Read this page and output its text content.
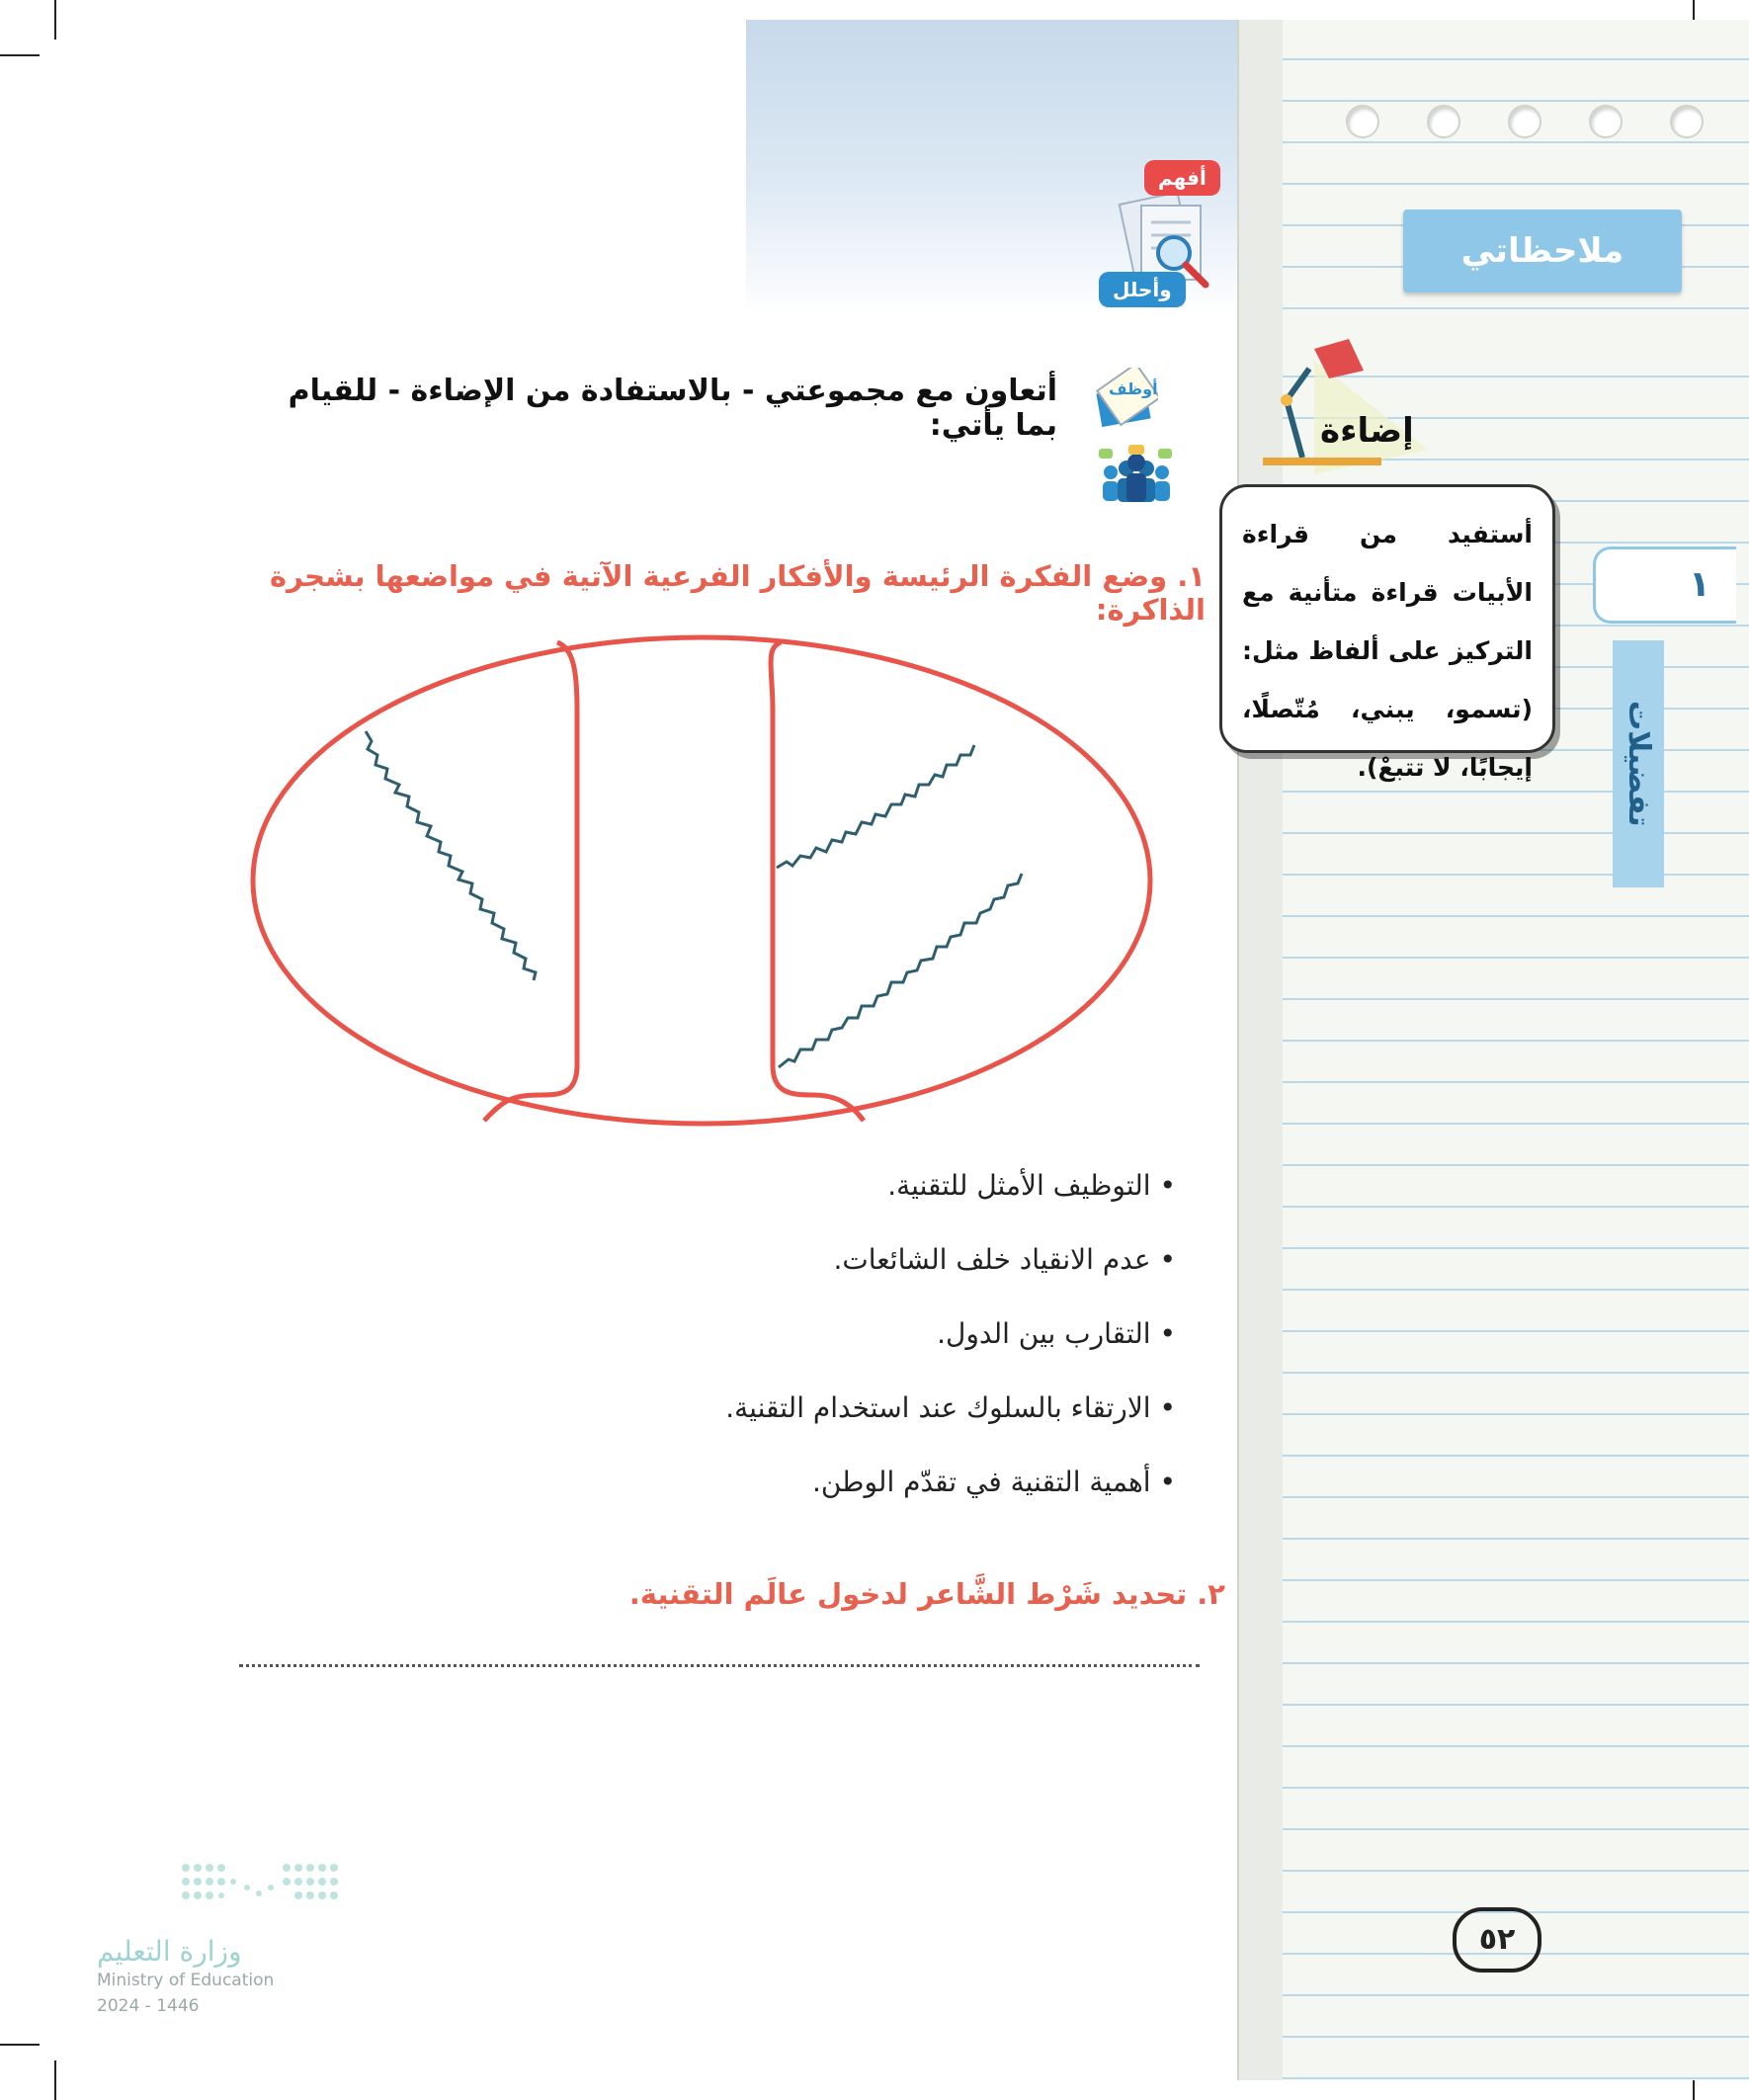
أفهم
وأحلل
ملاحظاتي
١
تفضيلات
إضاءة
أستفيد من قراءة الأبيات قراءة متأنية مع التركيز على ألفاظ مثل: (تسمو، يبني، مُتّصلًا، إيجابًا، لا تتبعْ).
أوظف
أتعاون مع مجموعتي - بالاستفادة من الإضاءة - للقيام بما يأتي:
١. وضع الفكرة الرئيسة والأفكار الفرعية الآتية في مواضعها بشجرة الذاكرة:
• التوظيف الأمثل للتقنية.
• عدم الانقياد خلف الشائعات.
• التقارب بين الدول.
• الارتقاء بالسلوك عند استخدام التقنية.
• أهمية التقنية في تقدّم الوطن.
٢. تحديد شَرْط الشَّاعر لدخول عالَم التقنية.
٥٢
وزارة التعليم
Ministry of Education
2024 - 1446
